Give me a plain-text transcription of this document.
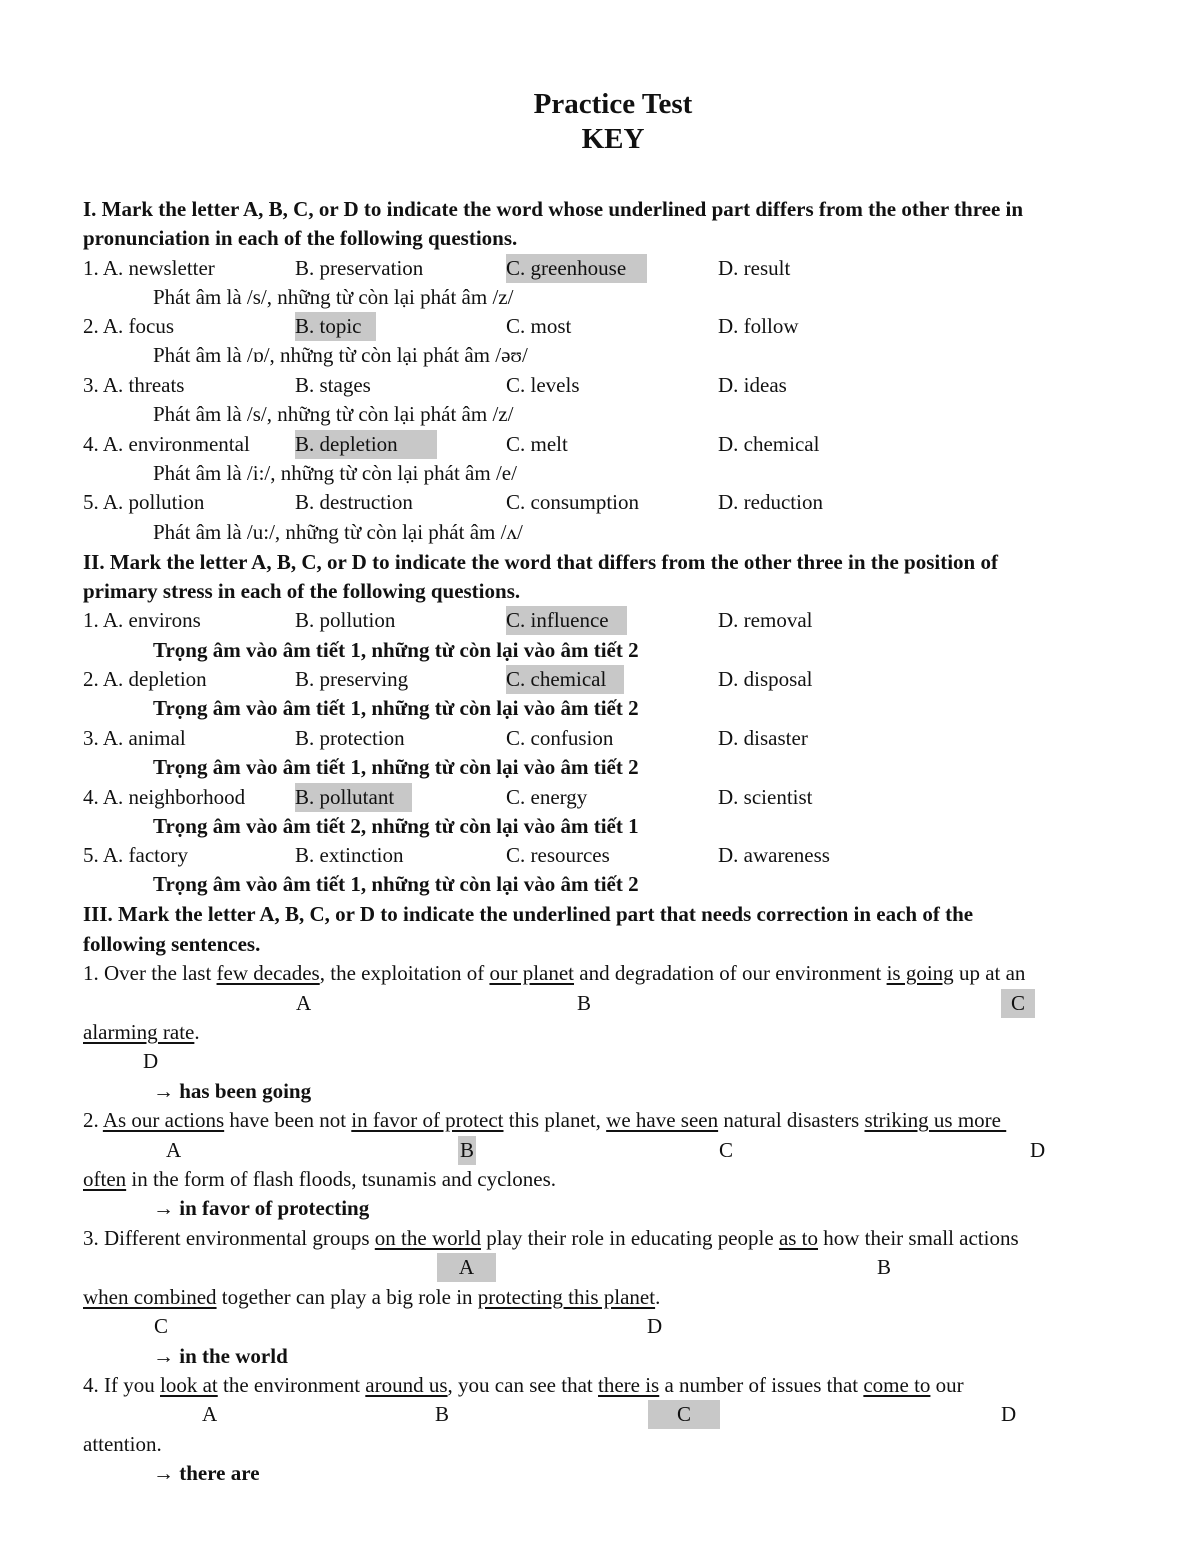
Practice Test
KEY
I. Mark the letter A, B, C, or D to indicate the word whose underlined part differs from the other three in
pronunciation in each of the following questions.
1. A. newsletter	B. preservation	C. greenhouse	D. result
Phát âm là /s/, những từ còn lại phát âm /z/
2. A. focus	B. topic	C. most	D. follow
Phát âm là /ɒ/, những từ còn lại phát âm /əʊ/
3. A. threats	B. stages	C. levels	D. ideas
Phát âm là /s/, những từ còn lại phát âm /z/
4. A. environmental B. depletion	C. melt	D. chemical
Phát âm là /i:/, những từ còn lại phát âm /e/
5. A. pollution	B. destruction	C. consumption	D. reduction
Phát âm là /u:/, những từ còn lại phát âm /ʌ/
II. Mark the letter A, B, C, or D to indicate the word that differs from the other three in the position of
primary stress in each of the following questions.
1. A. environs	B. pollution	C. influence	D. removal
Trọng âm vào âm tiết 1, những từ còn lại vào âm tiết 2
2. A. depletion	B. preserving	C. chemical	D. disposal
Trọng âm vào âm tiết 1, những từ còn lại vào âm tiết 2
3. A. animal	B. protection	C. confusion	D. disaster
Trọng âm vào âm tiết 1, những từ còn lại vào âm tiết 2
4. A. neighborhood B. pollutant	C. energy	D. scientist
Trọng âm vào âm tiết 2, những từ còn lại vào âm tiết 1
5. A. factory	B. extinction	C. resources	D. awareness
Trọng âm vào âm tiết 1, những từ còn lại vào âm tiết 2
III. Mark the letter A, B, C, or D to indicate the underlined part that needs correction in each of the
following sentences.
1. Over the last few decades, the exploitation of our planet and degradation of our environment is going up at an
A	B	C
alarming rate.
D
→ has been going
2. As our actions have been not in favor of protect this planet, we have seen natural disasters striking us more
A	B	C	D
often in the form of flash floods, tsunamis and cyclones.
→ in favor of protecting
3. Different environmental groups on the world play their role in educating people as to how their small actions
A	B
when combined together can play a big role in protecting this planet.
C	D
→ in the world
4. If you look at the environment around us, you can see that there is a number of issues that come to our
A	B	C	D
attention.
→ there are
